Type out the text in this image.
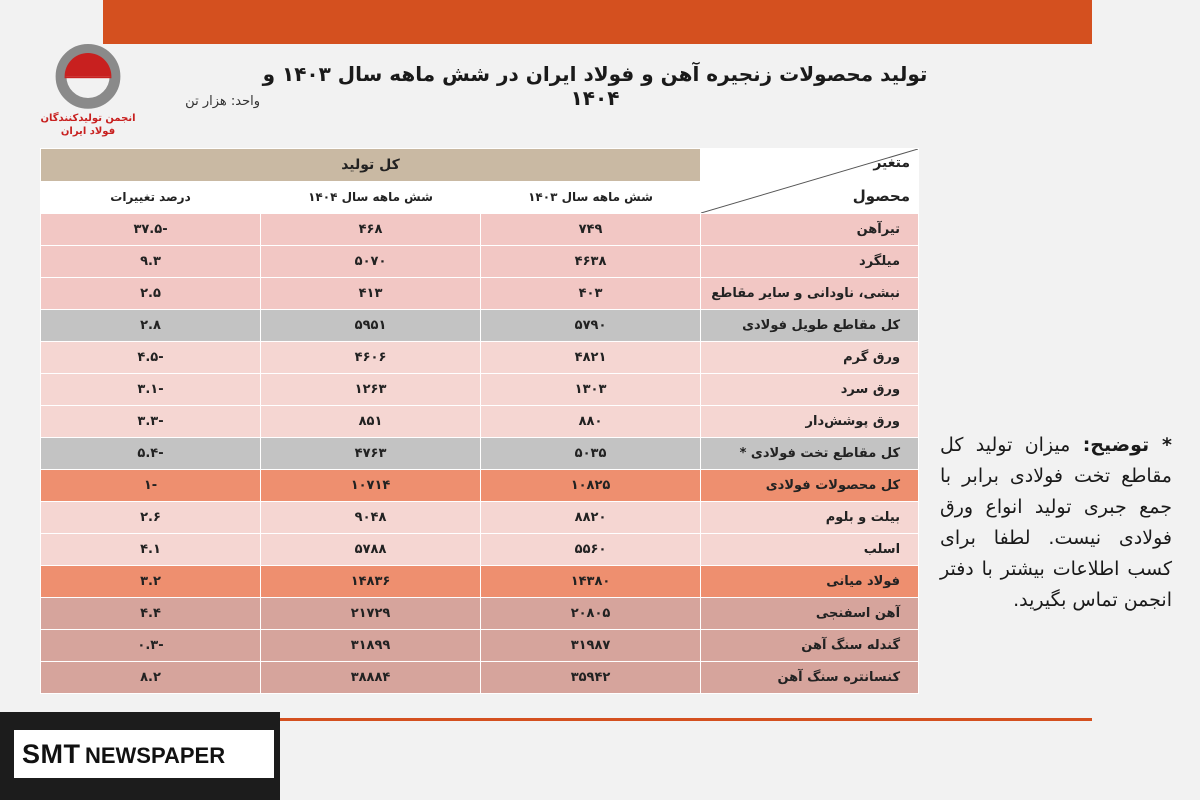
انجمن تولیدکنندگان
فولاد ایران
تولید محصولات زنجیره آهن و فولاد ایران در شش ماهه سال ۱۴۰۳ و ۱۴۰۴
واحد: هزار تن
متغیر
محصول	کل تولید		
	شش ماهه سال ۱۴۰۳	شش ماهه سال ۱۴۰۴	درصد تغییرات
تیرآهن	۷۴۹	۴۶۸	-۳۷.۵
میلگرد	۴۶۳۸	۵۰۷۰	۹.۳
نبشی، ناودانی و سایر مقاطع	۴۰۳	۴۱۳	۲.۵
کل مقاطع طویل فولادی	۵۷۹۰	۵۹۵۱	۲.۸
ورق گرم	۴۸۲۱	۴۶۰۶	-۴.۵
ورق سرد	۱۳۰۳	۱۲۶۳	-۳.۱
ورق پوشش‌دار	۸۸۰	۸۵۱	-۳.۳
کل مقاطع تخت فولادی *	۵۰۳۵	۴۷۶۳	-۵.۴
کل محصولات فولادی	۱۰۸۲۵	۱۰۷۱۴	-۱
بیلت و بلوم	۸۸۲۰	۹۰۴۸	۲.۶
اسلب	۵۵۶۰	۵۷۸۸	۴.۱
فولاد میانی	۱۴۳۸۰	۱۴۸۳۶	۳.۲
آهن اسفنجی	۲۰۸۰۵	۲۱۷۲۹	۴.۴
گندله سنگ آهن	۳۱۹۸۷	۳۱۸۹۹	-۰.۳
کنسانتره سنگ آهن	۳۵۹۴۲	۳۸۸۸۴	۸.۲
* توضیح: میزان تولید کل مقاطع تخت فولادی برابر با جمع جبری تولید انواع ورق فولادی نیست. لطفا برای کسب اطلاعات بیشتر با دفتر انجمن تماس بگیرید.
SMT NEWSPAPER
